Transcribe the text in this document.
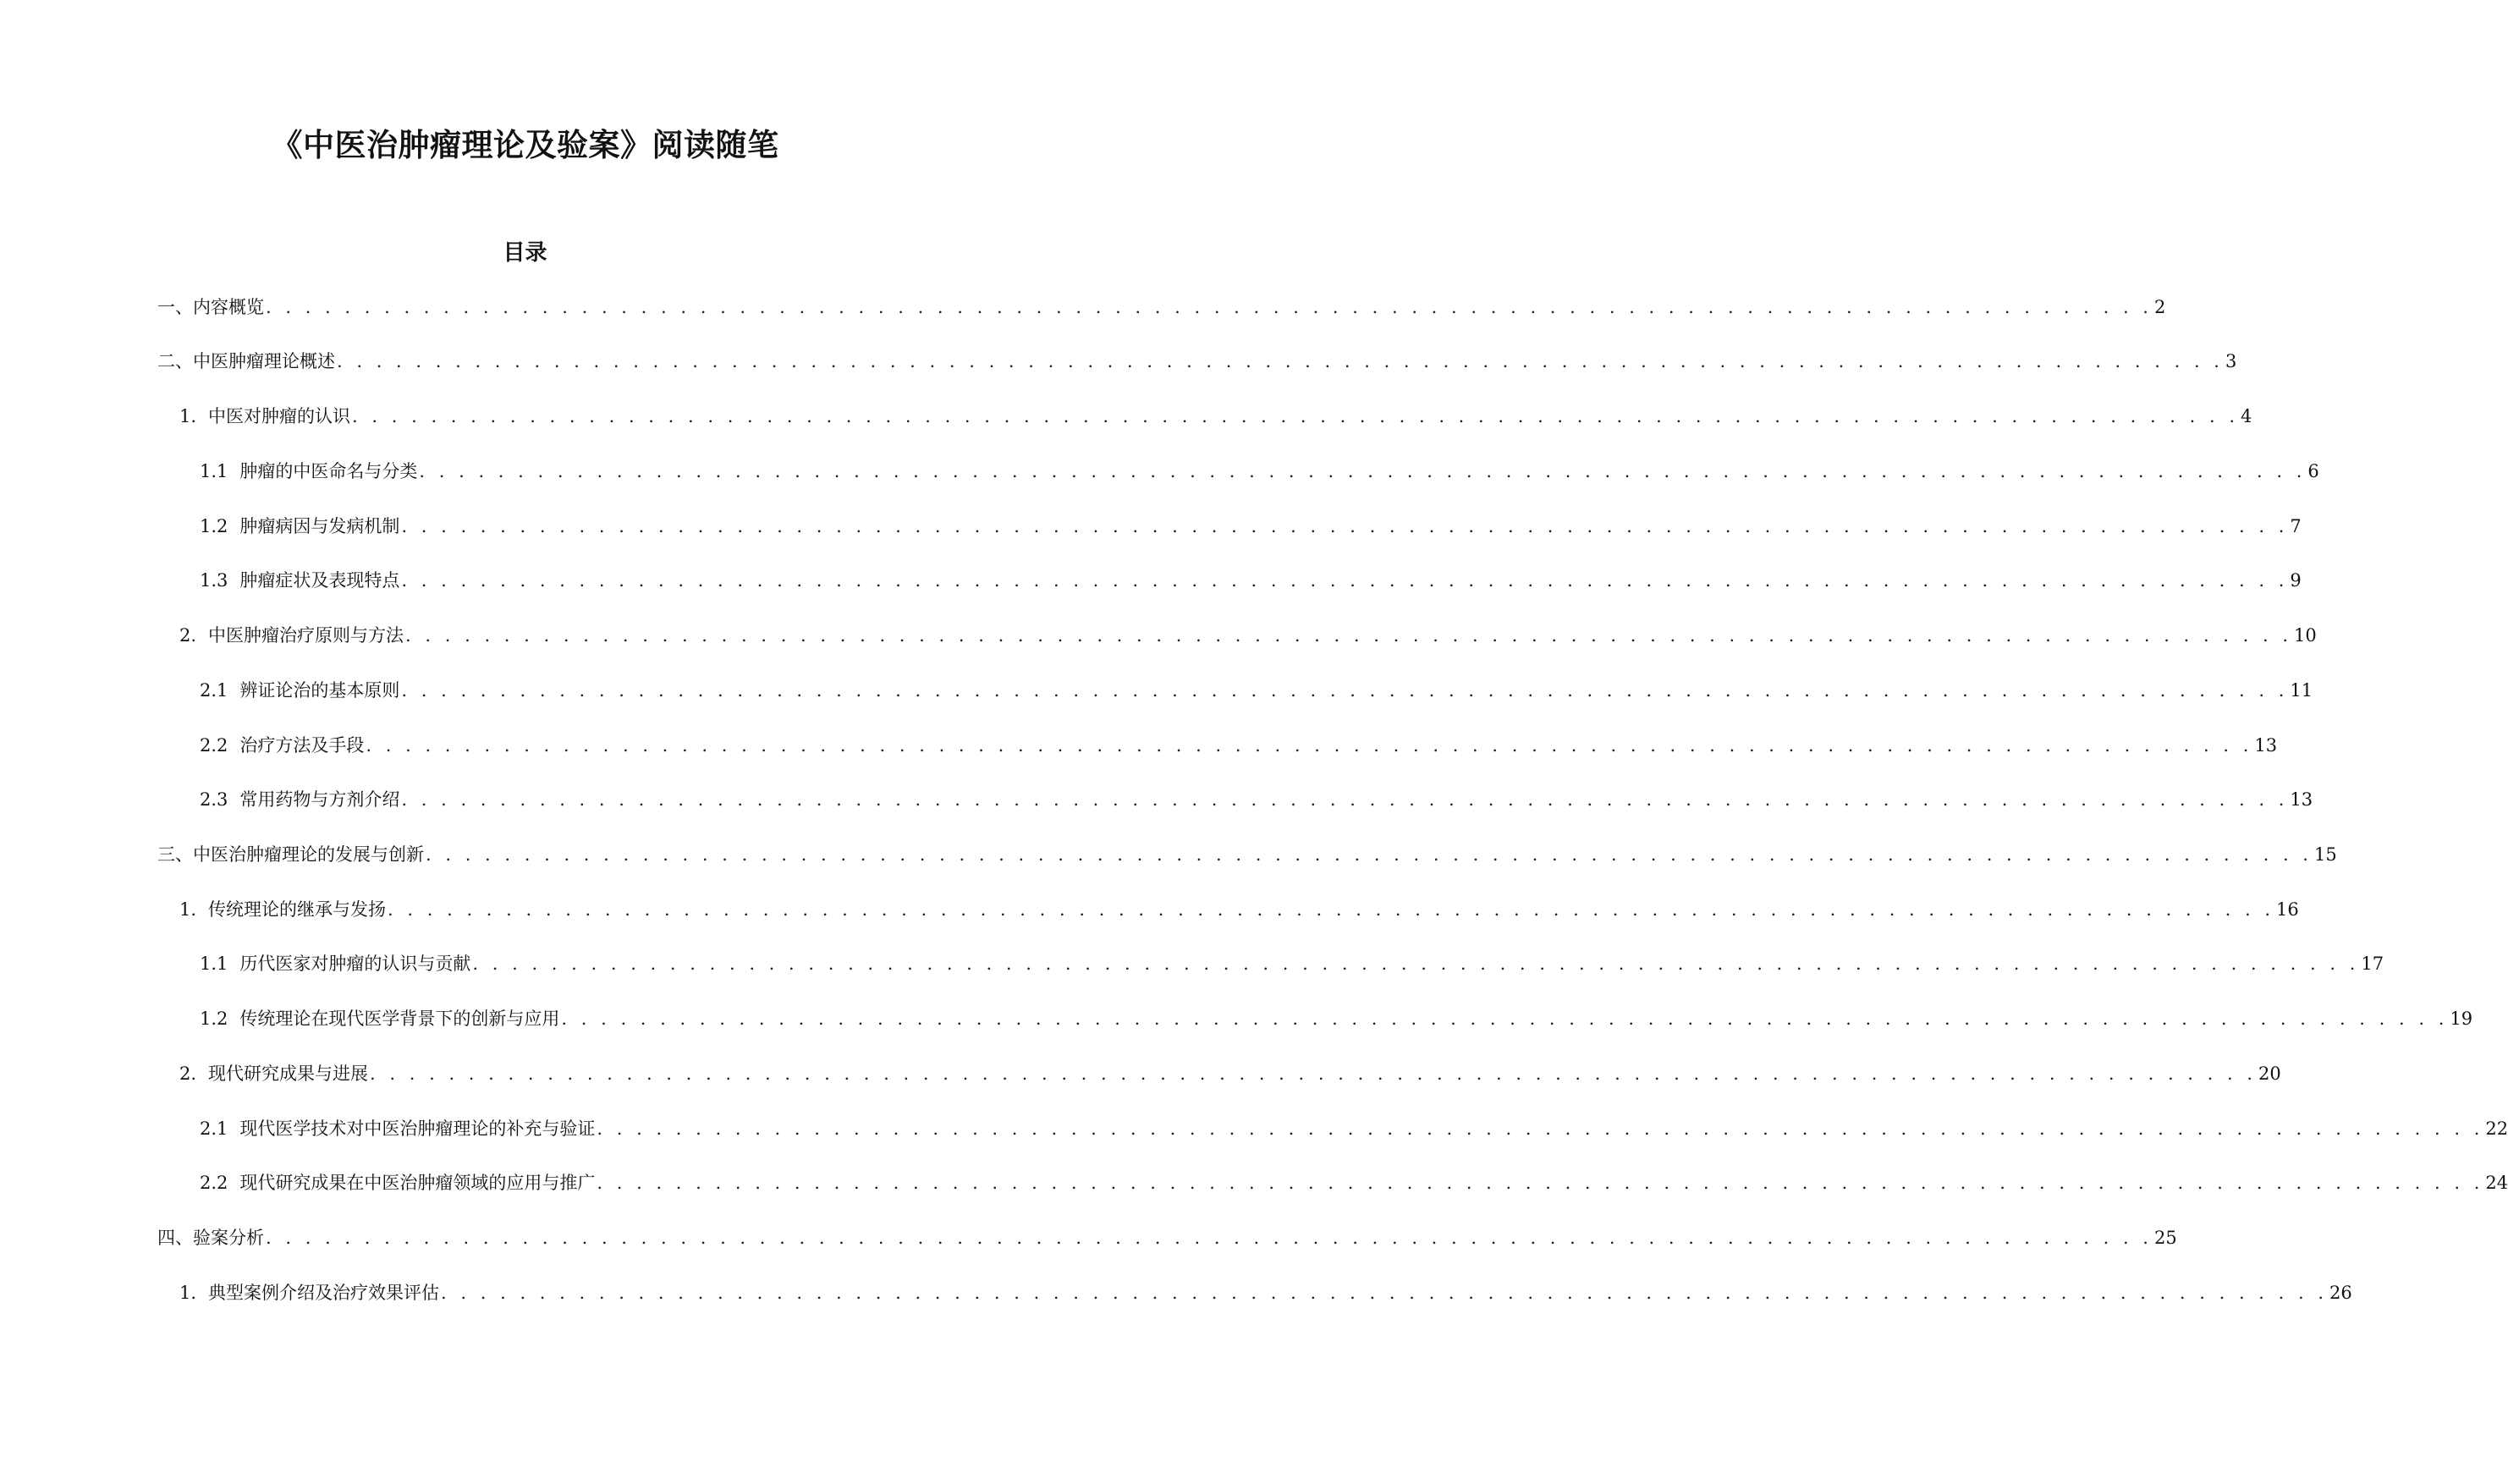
《中医治肿瘤理论及验案》阅读随笔
目录
一、 内容概览 . . . . . . . . . . . . . . . . . . . . . . . . . . . . . . . . . . . . . . . . . . . . . . . . . . . . . . . . . . . . . . . . . . . . . . . . . . . . . . . . . . . . . . . . . . . . . . . . 2
二、 中医肿瘤理论概述 . . . . . . . . . . . . . . . . . . . . . . . . . . . . . . . . . . . . . . . . . . . . . . . . . . . . . . . . . . . . . . . . . . . . . . . . . . . . . . . . . . . . . . . . . . . . . . . . 3
1. 中医对肿瘤的认识 . . . . . . . . . . . . . . . . . . . . . . . . . . . . . . . . . . . . . . . . . . . . . . . . . . . . . . . . . . . . . . . . . . . . . . . . . . . . . . . . . . . . . . . . . . . . . . . . 4
1.1 肿瘤的中医命名与分类 . . . . . . . . . . . . . . . . . . . . . . . . . . . . . . . . . . . . . . . . . . . . . . . . . . . . . . . . . . . . . . . . . . . . . . . . . . . . . . . . . . . . . . . . . . . . . . . . 6
1.2 肿瘤病因与发病机制 . . . . . . . . . . . . . . . . . . . . . . . . . . . . . . . . . . . . . . . . . . . . . . . . . . . . . . . . . . . . . . . . . . . . . . . . . . . . . . . . . . . . . . . . . . . . . . . . 7
1.3 肿瘤症状及表现特点 . . . . . . . . . . . . . . . . . . . . . . . . . . . . . . . . . . . . . . . . . . . . . . . . . . . . . . . . . . . . . . . . . . . . . . . . . . . . . . . . . . . . . . . . . . . . . . . . 9
2. 中医肿瘤治疗原则与方法 . . . . . . . . . . . . . . . . . . . . . . . . . . . . . . . . . . . . . . . . . . . . . . . . . . . . . . . . . . . . . . . . . . . . . . . . . . . . . . . . . . . . . . . . . . . . . . . . 10
2.1 辨证论治的基本原则 . . . . . . . . . . . . . . . . . . . . . . . . . . . . . . . . . . . . . . . . . . . . . . . . . . . . . . . . . . . . . . . . . . . . . . . . . . . . . . . . . . . . . . . . . . . . . . . . 11
2.2 治疗方法及手段 . . . . . . . . . . . . . . . . . . . . . . . . . . . . . . . . . . . . . . . . . . . . . . . . . . . . . . . . . . . . . . . . . . . . . . . . . . . . . . . . . . . . . . . . . . . . . . . . 13
2.3 常用药物与方剂介绍 . . . . . . . . . . . . . . . . . . . . . . . . . . . . . . . . . . . . . . . . . . . . . . . . . . . . . . . . . . . . . . . . . . . . . . . . . . . . . . . . . . . . . . . . . . . . . . . . 13
三、 中医治肿瘤理论的发展与创新 . . . . . . . . . . . . . . . . . . . . . . . . . . . . . . . . . . . . . . . . . . . . . . . . . . . . . . . . . . . . . . . . . . . . . . . . . . . . . . . . . . . . . . . . . . . . . . . . 15
1. 传统理论的继承与发扬 . . . . . . . . . . . . . . . . . . . . . . . . . . . . . . . . . . . . . . . . . . . . . . . . . . . . . . . . . . . . . . . . . . . . . . . . . . . . . . . . . . . . . . . . . . . . . . . . 16
1.1 历代医家对肿瘤的认识与贡献 . . . . . . . . . . . . . . . . . . . . . . . . . . . . . . . . . . . . . . . . . . . . . . . . . . . . . . . . . . . . . . . . . . . . . . . . . . . . . . . . . . . . . . . . . . . . . . . . 17
1.2 传统理论在现代医学背景下的创新与应用 . . . . . . . . . . . . . . . . . . . . . . . . . . . . . . . . . . . . . . . . . . . . . . . . . . . . . . . . . . . . . . . . . . . . . . . . . . . . . . . . . . . . . . . . . . . . . . . . 19
2. 现代研究成果与进展 . . . . . . . . . . . . . . . . . . . . . . . . . . . . . . . . . . . . . . . . . . . . . . . . . . . . . . . . . . . . . . . . . . . . . . . . . . . . . . . . . . . . . . . . . . . . . . . . 20
2.1 现代医学技术对中医治肿瘤理论的补充与验证 . . . . . . . . . . . . . . . . . . . . . . . . . . . . . . . . . . . . . . . . . . . . . . . . . . . . . . . . . . . . . . . . . . . . . . . . . . . . . . . . . . . . . . . . . . . . . . . . 22
2.2 现代研究成果在中医治肿瘤领域的应用与推广 . . . . . . . . . . . . . . . . . . . . . . . . . . . . . . . . . . . . . . . . . . . . . . . . . . . . . . . . . . . . . . . . . . . . . . . . . . . . . . . . . . . . . . . . . . . . . . . . 24
四、 验案分析 . . . . . . . . . . . . . . . . . . . . . . . . . . . . . . . . . . . . . . . . . . . . . . . . . . . . . . . . . . . . . . . . . . . . . . . . . . . . . . . . . . . . . . . . . . . . . . . . 25
1. 典型案例介绍及治疗效果评估 . . . . . . . . . . . . . . . . . . . . . . . . . . . . . . . . . . . . . . . . . . . . . . . . . . . . . . . . . . . . . . . . . . . . . . . . . . . . . . . . . . . . . . . . . . . . . . . . 26
